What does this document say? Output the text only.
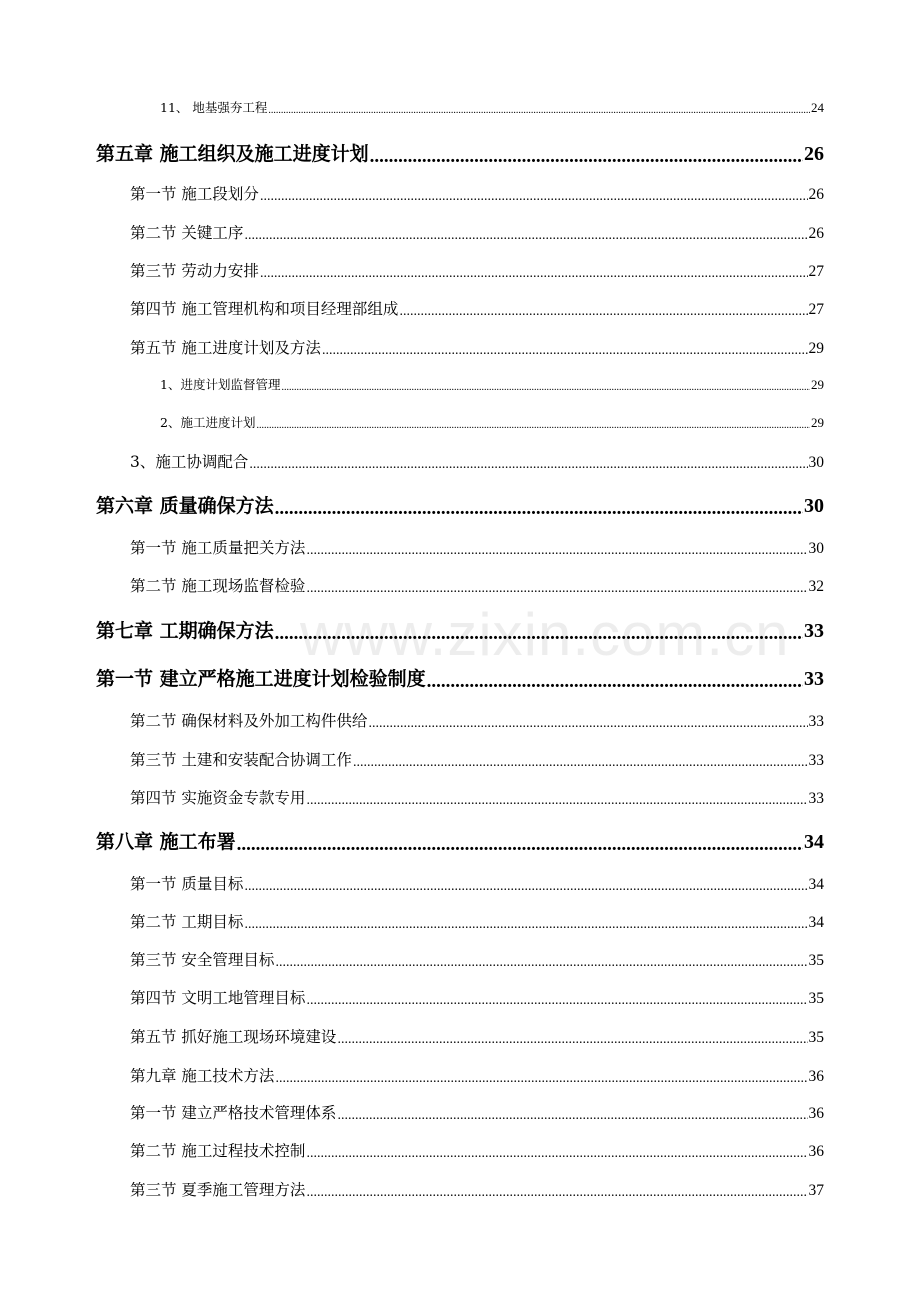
11、 地基强夯工程 .....	24
第五章 施工组织及施工进度计划 .....	26
第一节 施工段划分 .....	26
第二节 关键工序 .....	26
第三节 劳动力安排 .....	27
第四节 施工管理机构和项目经理部组成 .....	27
第五节 施工进度计划及方法 .....	29
1、进度计划监督管理 .....	29
2、施工进度计划 .....	29
3、施工协调配合 .....	30
第六章 质量确保方法 .....	30
第一节 施工质量把关方法 .....	30
第二节 施工现场监督检验 .....	32
第七章 工期确保方法 .....	33
第一节 建立严格施工进度计划检验制度 .....	33
第二节 确保材料及外加工构件供给 .....	33
第三节 土建和安装配合协调工作 .....	33
第四节 实施资金专款专用 .....	33
第八章 施工布署 .....	34
第一节 质量目标 .....	34
第二节 工期目标 .....	34
第三节 安全管理目标 .....	35
第四节 文明工地管理目标 .....	35
第五节 抓好施工现场环境建设 .....	35
第九章 施工技术方法 .....	36
第一节 建立严格技术管理体系 .....	36
第二节 施工过程技术控制 .....	36
第三节 夏季施工管理方法 .....	37
www.zixin.com.cn
